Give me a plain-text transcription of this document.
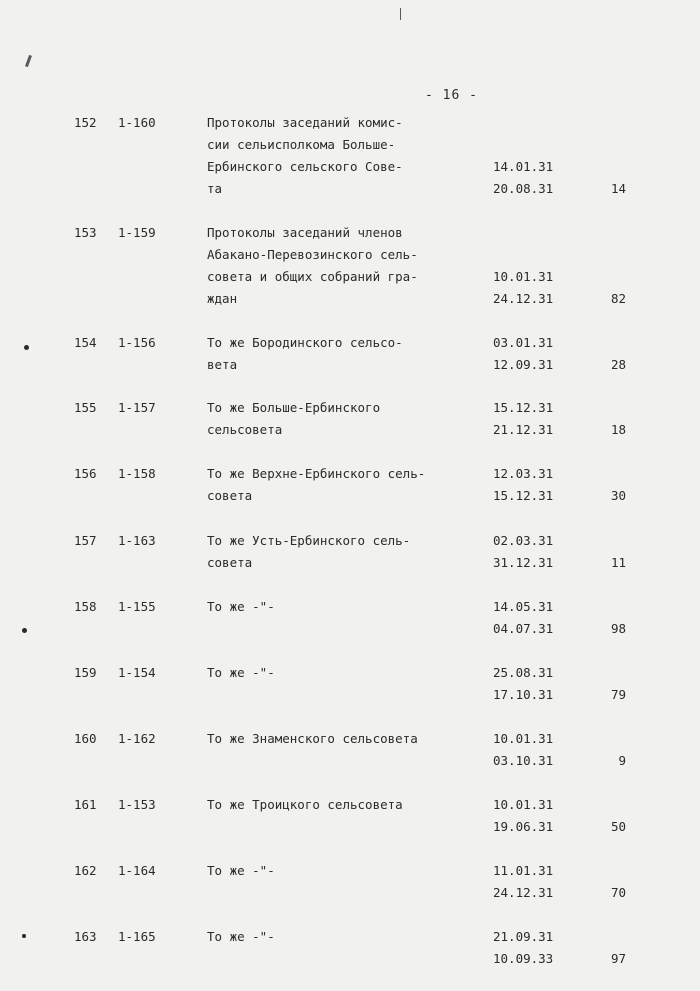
- 16 -
152 1-160	Протоколы заседаний комис-
сии сельисполкома Больше-
Ербинского сельского Сове-
та
14.01.31
20.08.31	14
153 1-159	Протоколы заседаний членов
Абакано-Перевозинского сель-
совета и общих собраний гра-
ждан
10.01.31
24.12.31	82
154 1-156	То же Бородинского сельсо-
вета
03.01.31
12.09.31	28
155 1-157	То же Больше-Ербинского
сельсовета
15.12.31
21.12.31	18
156 1-158	То же Верхне-Ербинского сель-
совета
12.03.31
15.12.31	30
157 1-163	То же Усть-Ербинского сель-
совета
02.03.31
31.12.31	11
158 1-155	То же -"-	14.05.31
04.07.31	98
159 1-154	То же -"-	25.08.31
17.10.31	79
160 1-162	То же Знаменского сельсовета	10.01.31
03.10.31	9
161 1-153	То же Троицкого сельсовета	10.01.31
19.06.31	50
162 1-164	То же -"-	11.01.31
24.12.31	70
163 1-165	То же -"-	21.09.31
10.09.33	97
